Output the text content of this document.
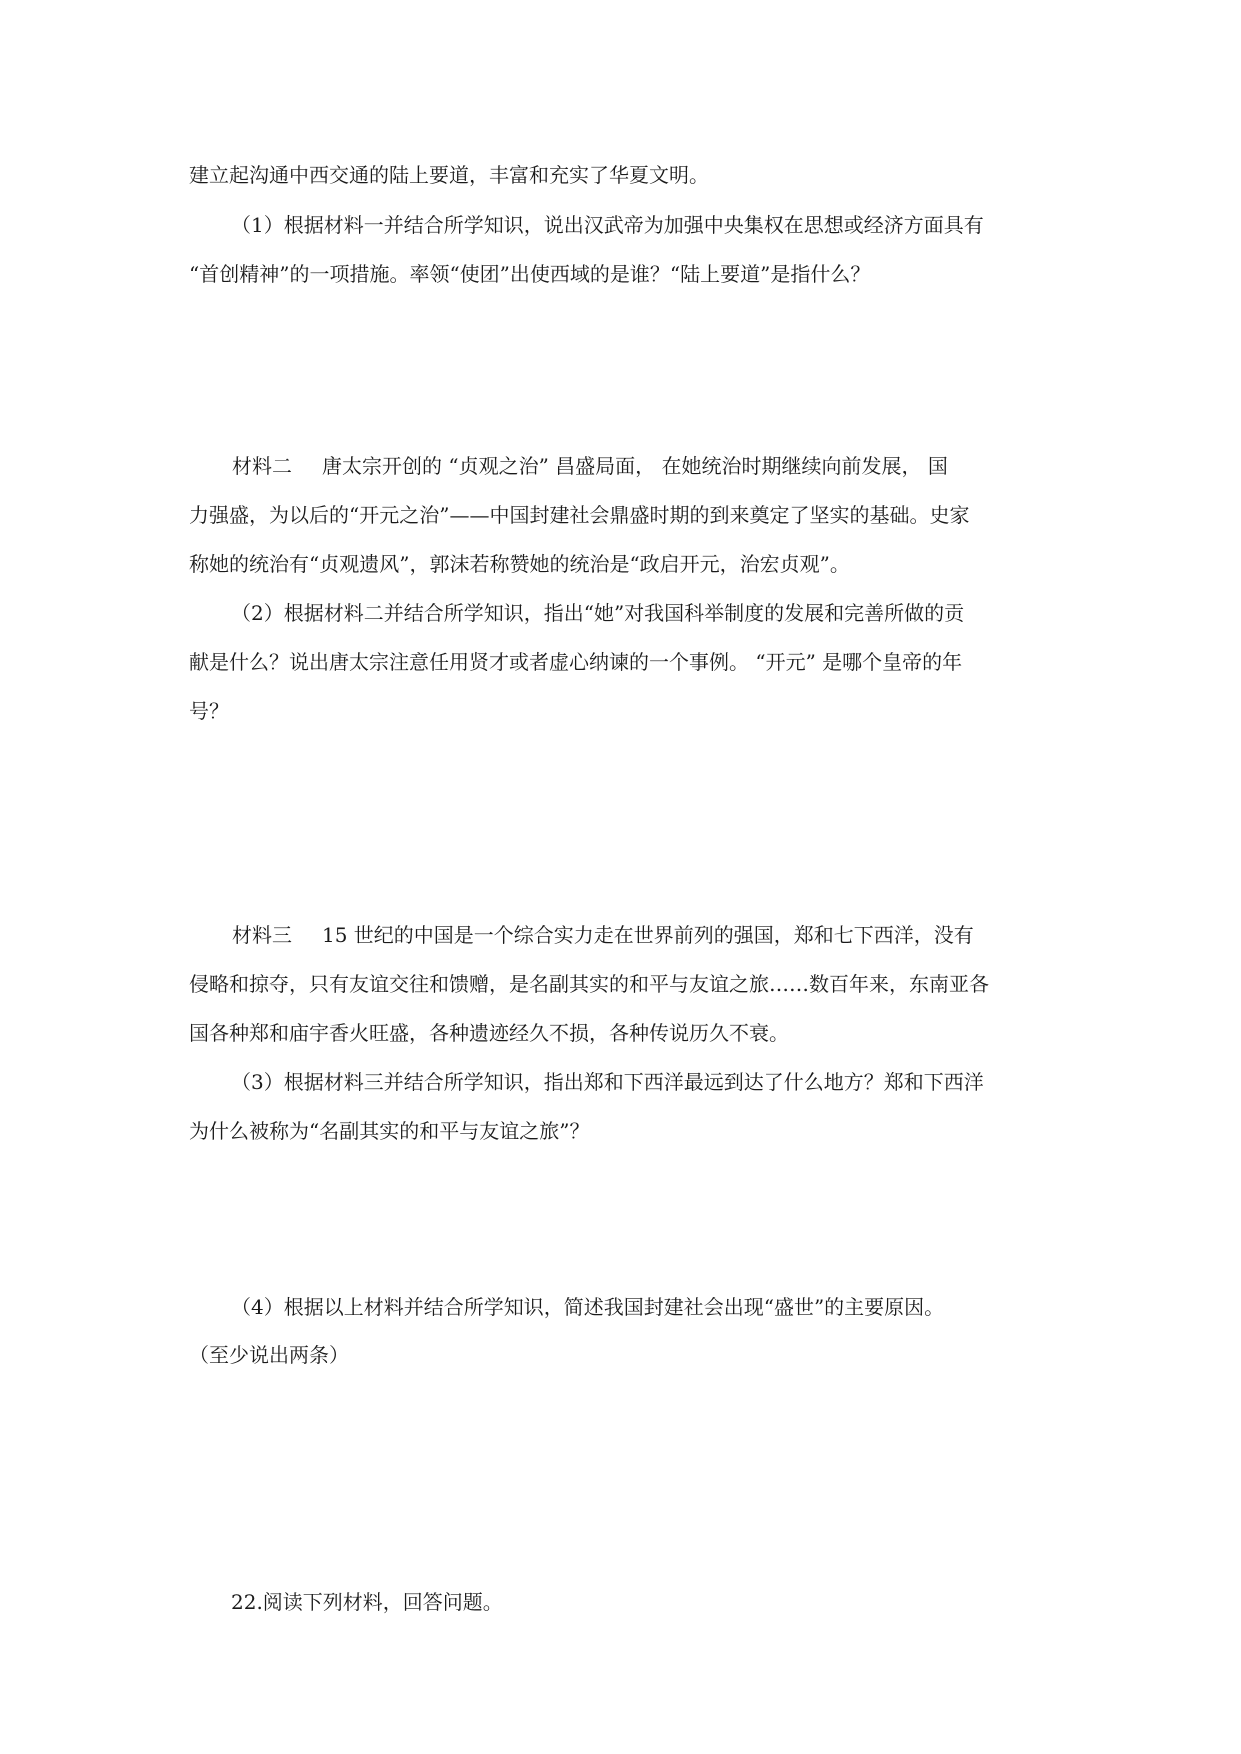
建立起沟通中西交通的陆上要道，丰富和充实了华夏文明。
（1）根据材料一并结合所学知识，说出汉武帝为加强中央集权在思想或经济方面具有
“首创精神”的一项措施。率领“使团”出使西域的是谁？“陆上要道”是指什么？
材料二 唐太宗开创的 “贞观之治” 昌盛局面， 在她统治时期继续向前发展， 国
力强盛，为以后的“开元之治”——中国封建社会鼎盛时期的到来奠定了坚实的基础。史家
称她的统治有“贞观遗风”，郭沫若称赞她的统治是“政启开元，治宏贞观”。
（2）根据材料二并结合所学知识，指出“她”对我国科举制度的发展和完善所做的贡
献是什么？说出唐太宗注意任用贤才或者虚心纳谏的一个事例。 “开元” 是哪个皇帝的年
号？
材料三 15 世纪的中国是一个综合实力走在世界前列的强国，郑和七下西洋，没有
侵略和掠夺，只有友谊交往和馈赠，是名副其实的和平与友谊之旅……数百年来，东南亚各
国各种郑和庙宇香火旺盛，各种遗迹经久不损，各种传说历久不衰。
（3）根据材料三并结合所学知识，指出郑和下西洋最远到达了什么地方？郑和下西洋
为什么被称为“名副其实的和平与友谊之旅”？
（4）根据以上材料并结合所学知识，简述我国封建社会出现“盛世”的主要原因。
（至少说出两条）
22.阅读下列材料，回答问题。
